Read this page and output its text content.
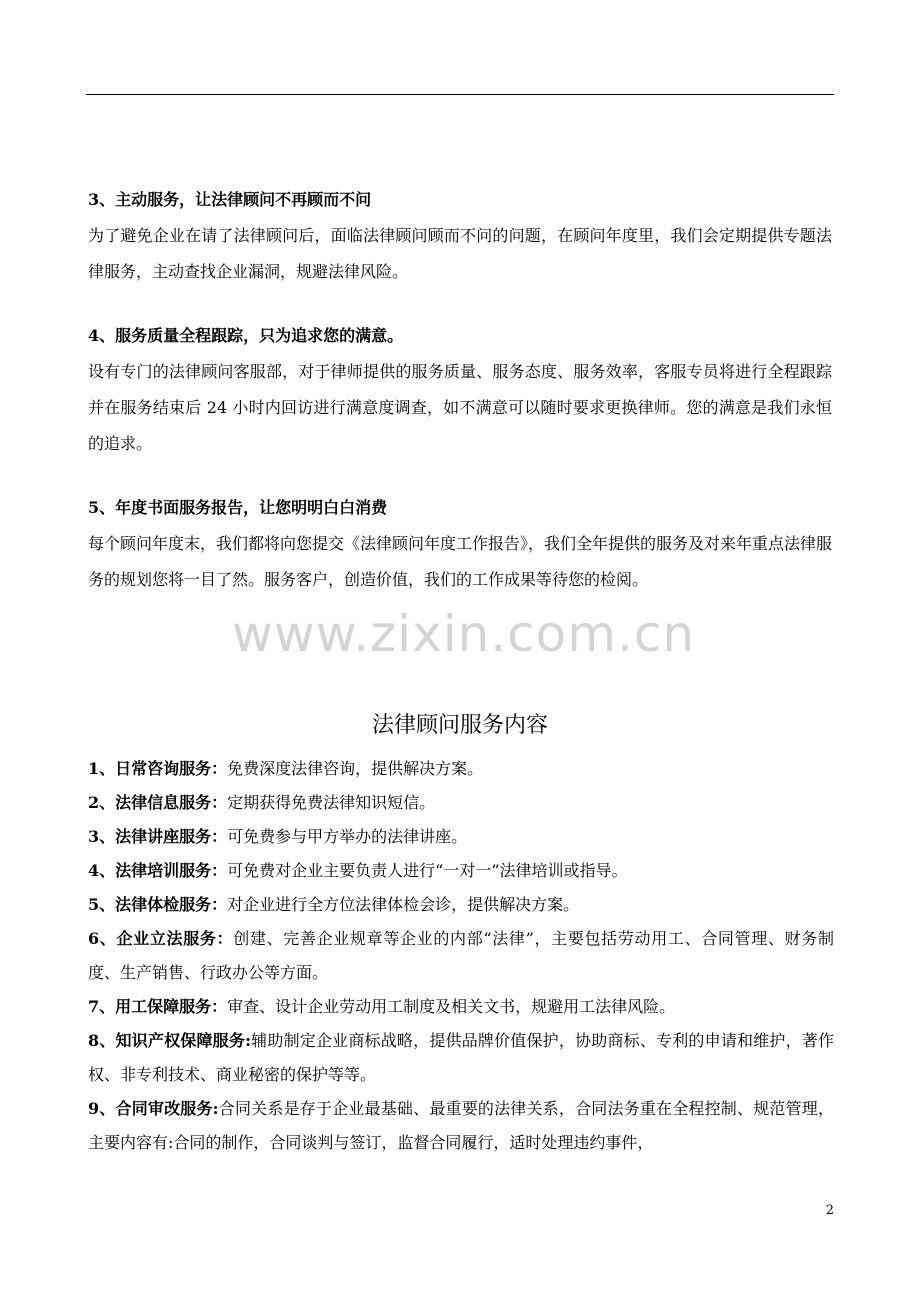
3、主动服务，让法律顾问不再顾而不问

为了避免企业在请了法律顾问后，面临法律顾问顾而不问的问题，在顾问年度里，我们会定期提供专题法律服务，主动查找企业漏洞，规避法律风险。

4、服务质量全程跟踪，只为追求您的满意。

设有专门的法律顾问客服部，对于律师提供的服务质量、服务态度、服务效率，客服专员将进行全程跟踪并在服务结束后 24 小时内回访进行满意度调查，如不满意可以随时要求更换律师。您的满意是我们永恒的追求。

5、年度书面服务报告，让您明明白白消费

每个顾问年度末，我们都将向您提交《法律顾问年度工作报告》，我们全年提供的服务及对来年重点法律服务的规划您将一目了然。服务客户，创造价值，我们的工作成果等待您的检阅。

www.zixin.com.cn
法律顾问服务内容
1、日常咨询服务：免费深度法律咨询，提供解决方案。
2、法律信息服务：定期获得免费法律知识短信。
3、法律讲座服务：可免费参与甲方举办的法律讲座。
4、法律培训服务：可免费对企业主要负责人进行“一对一”法律培训或指导。
5、法律体检服务：对企业进行全方位法律体检会诊，提供解决方案。
6、企业立法服务：创建、完善企业规章等企业的内部“法律”，主要包括劳动用工、合同管理、财务制度、生产销售、行政办公等方面。
7、用工保障服务：审查、设计企业劳动用工制度及相关文书，规避用工法律风险。
8、知识产权保障服务:辅助制定企业商标战略，提供品牌价值保护，协助商标、专利的申请和维护，著作权、非专利技术、商业秘密的保护等等。
9、合同审改服务:合同关系是存于企业最基础、最重要的法律关系，合同法务重在全程控制、规范管理，主要内容有:合同的制作，合同谈判与签订，监督合同履行，适时处理违约事件，
2
